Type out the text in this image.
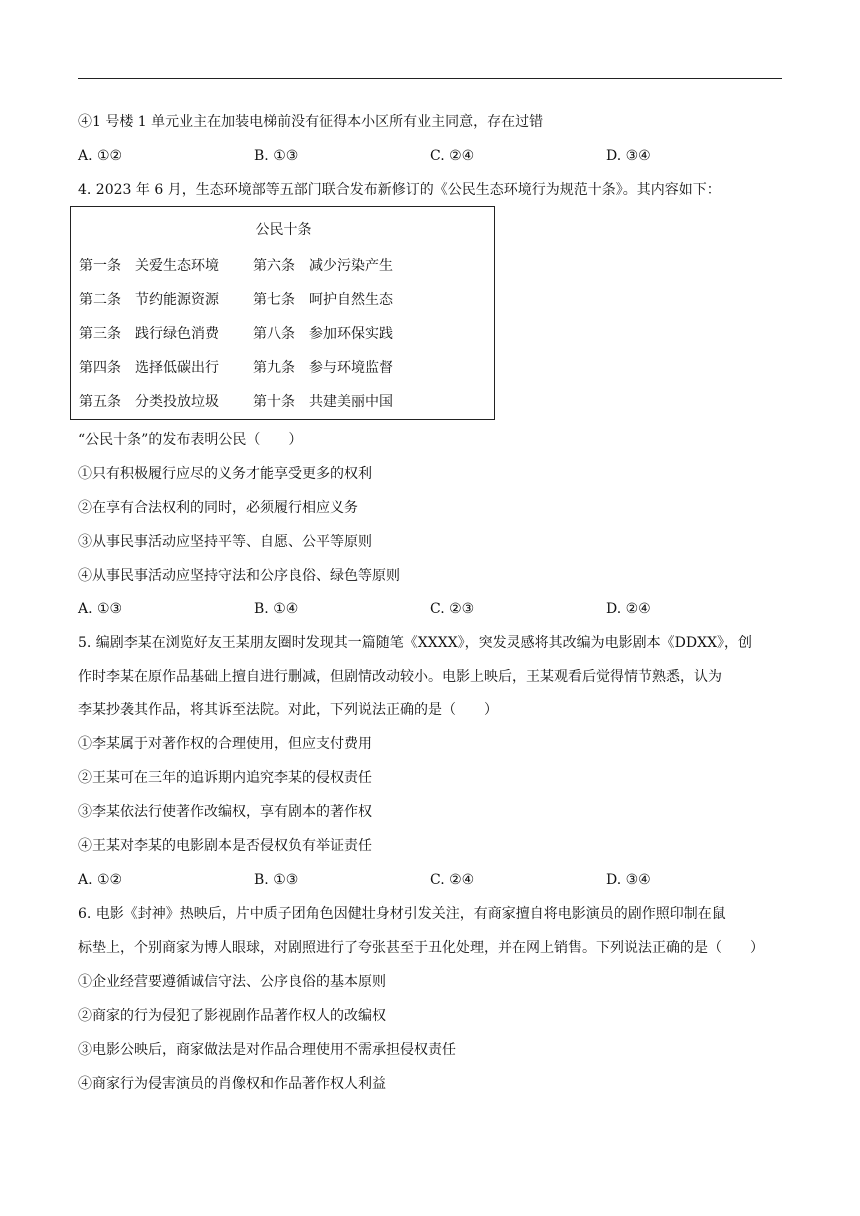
④1 号楼 1 单元业主在加装电梯前没有征得本小区所有业主同意，存在过错
A. ①②	B. ①③	C. ②④	D. ③④
4. 2023 年 6 月，生态环境部等五部门联合发布新修订的《公民生态环境行为规范十条》。其内容如下：
公民十条
第一条　关爱生态环境 第六条　减少污染产生
第二条　节约能源资源 第七条　呵护自然生态
第三条　践行绿色消费 第八条　参加环保实践
第四条　选择低碳出行 第九条　参与环境监督
第五条　分类投放垃圾 第十条　共建美丽中国
“公民十条”的发布表明公民（　　）
①只有积极履行应尽的义务才能享受更多的权利
②在享有合法权利的同时，必须履行相应义务
③从事民事活动应坚持平等、自愿、公平等原则
④从事民事活动应坚持守法和公序良俗、绿色等原则
A. ①③	B. ①④	C. ②③	D. ②④
5. 编剧李某在浏览好友王某朋友圈时发现其一篇随笔《XXXX》，突发灵感将其改编为电影剧本《DDXX》，创
作时李某在原作品基础上擅自进行删减，但剧情改动较小。电影上映后，王某观看后觉得情节熟悉，认为
李某抄袭其作品，将其诉至法院。对此，下列说法正确的是（　　）
①李某属于对著作权的合理使用，但应支付费用
②王某可在三年的追诉期内追究李某的侵权责任
③李某依法行使著作改编权，享有剧本的著作权
④王某对李某的电影剧本是否侵权负有举证责任
A. ①②	B. ①③	C. ②④	D. ③④
6. 电影《封神》热映后，片中质子团角色因健壮身材引发关注，有商家擅自将电影演员的剧作照印制在鼠
标垫上，个别商家为博人眼球，对剧照进行了夸张甚至于丑化处理，并在网上销售。下列说法正确的是（　　）
①企业经营要遵循诚信守法、公序良俗的基本原则
②商家的行为侵犯了影视剧作品著作权人的改编权
③电影公映后，商家做法是对作品合理使用不需承担侵权责任
④商家行为侵害演员的肖像权和作品著作权人利益
